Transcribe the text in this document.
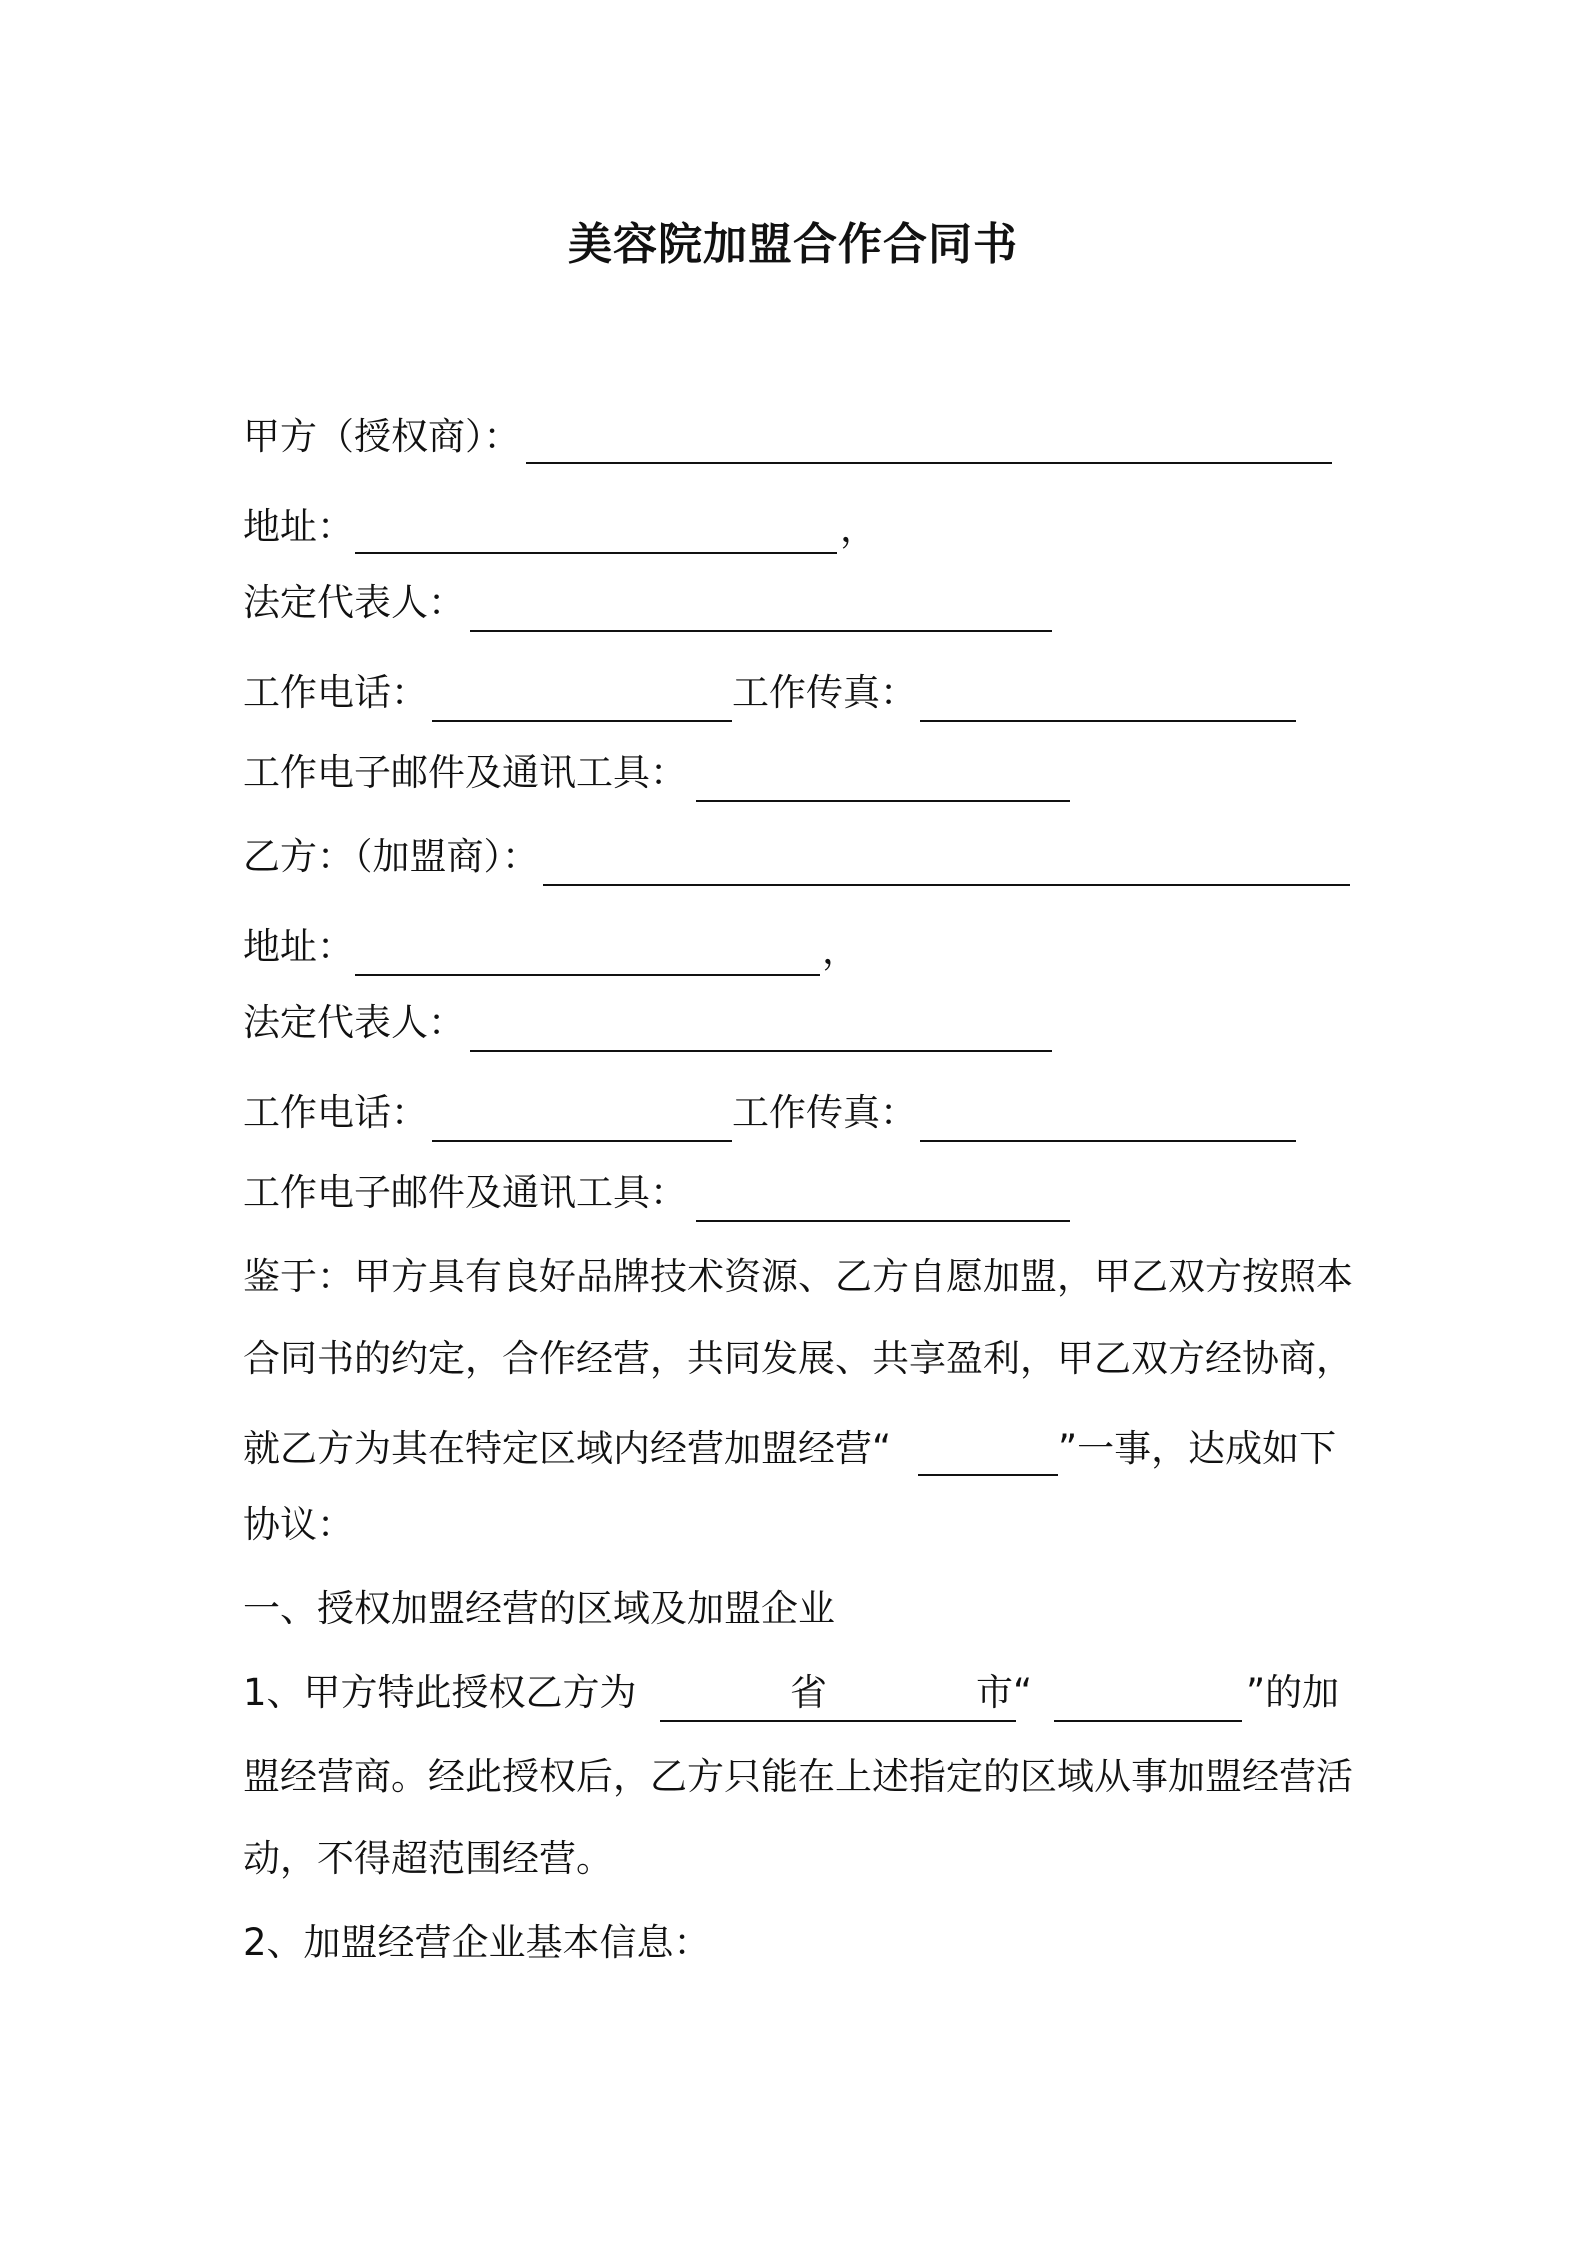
美容院加盟合作合同书
甲方（授权商）：
地址：	，
法定代表人：
工作电话：	工作传真：
工作电子邮件及通讯工具：
乙方：（加盟商）：
地址：	，
法定代表人：
工作电话：	工作传真：
工作电子邮件及通讯工具：
鉴于：甲方具有良好品牌技术资源、乙方自愿加盟，甲乙双方按照本
合同书的约定，合作经营，共同发展、共享盈利，甲乙双方经协商，
就乙方为其在特定区域内经营加盟经营“	”一事，达成如下
协议：
一、授权加盟经营的区域及加盟企业
1、甲方特此授权乙方为	省	市“	”的加
盟经营商。经此授权后，乙方只能在上述指定的区域从事加盟经营活
动，不得超范围经营。
2、加盟经营企业基本信息：
